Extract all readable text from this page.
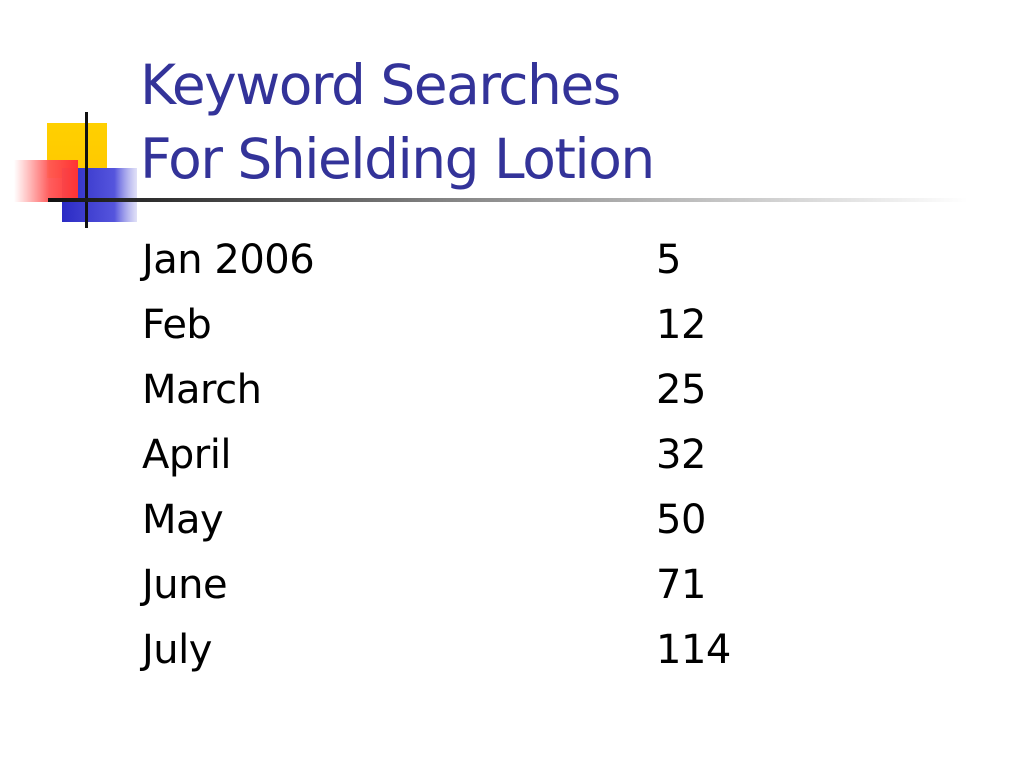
Keyword Searches
For Shielding Lotion
Jan 2006	5
Feb	12
March	25
April	32
May	50
June	71
July	114
